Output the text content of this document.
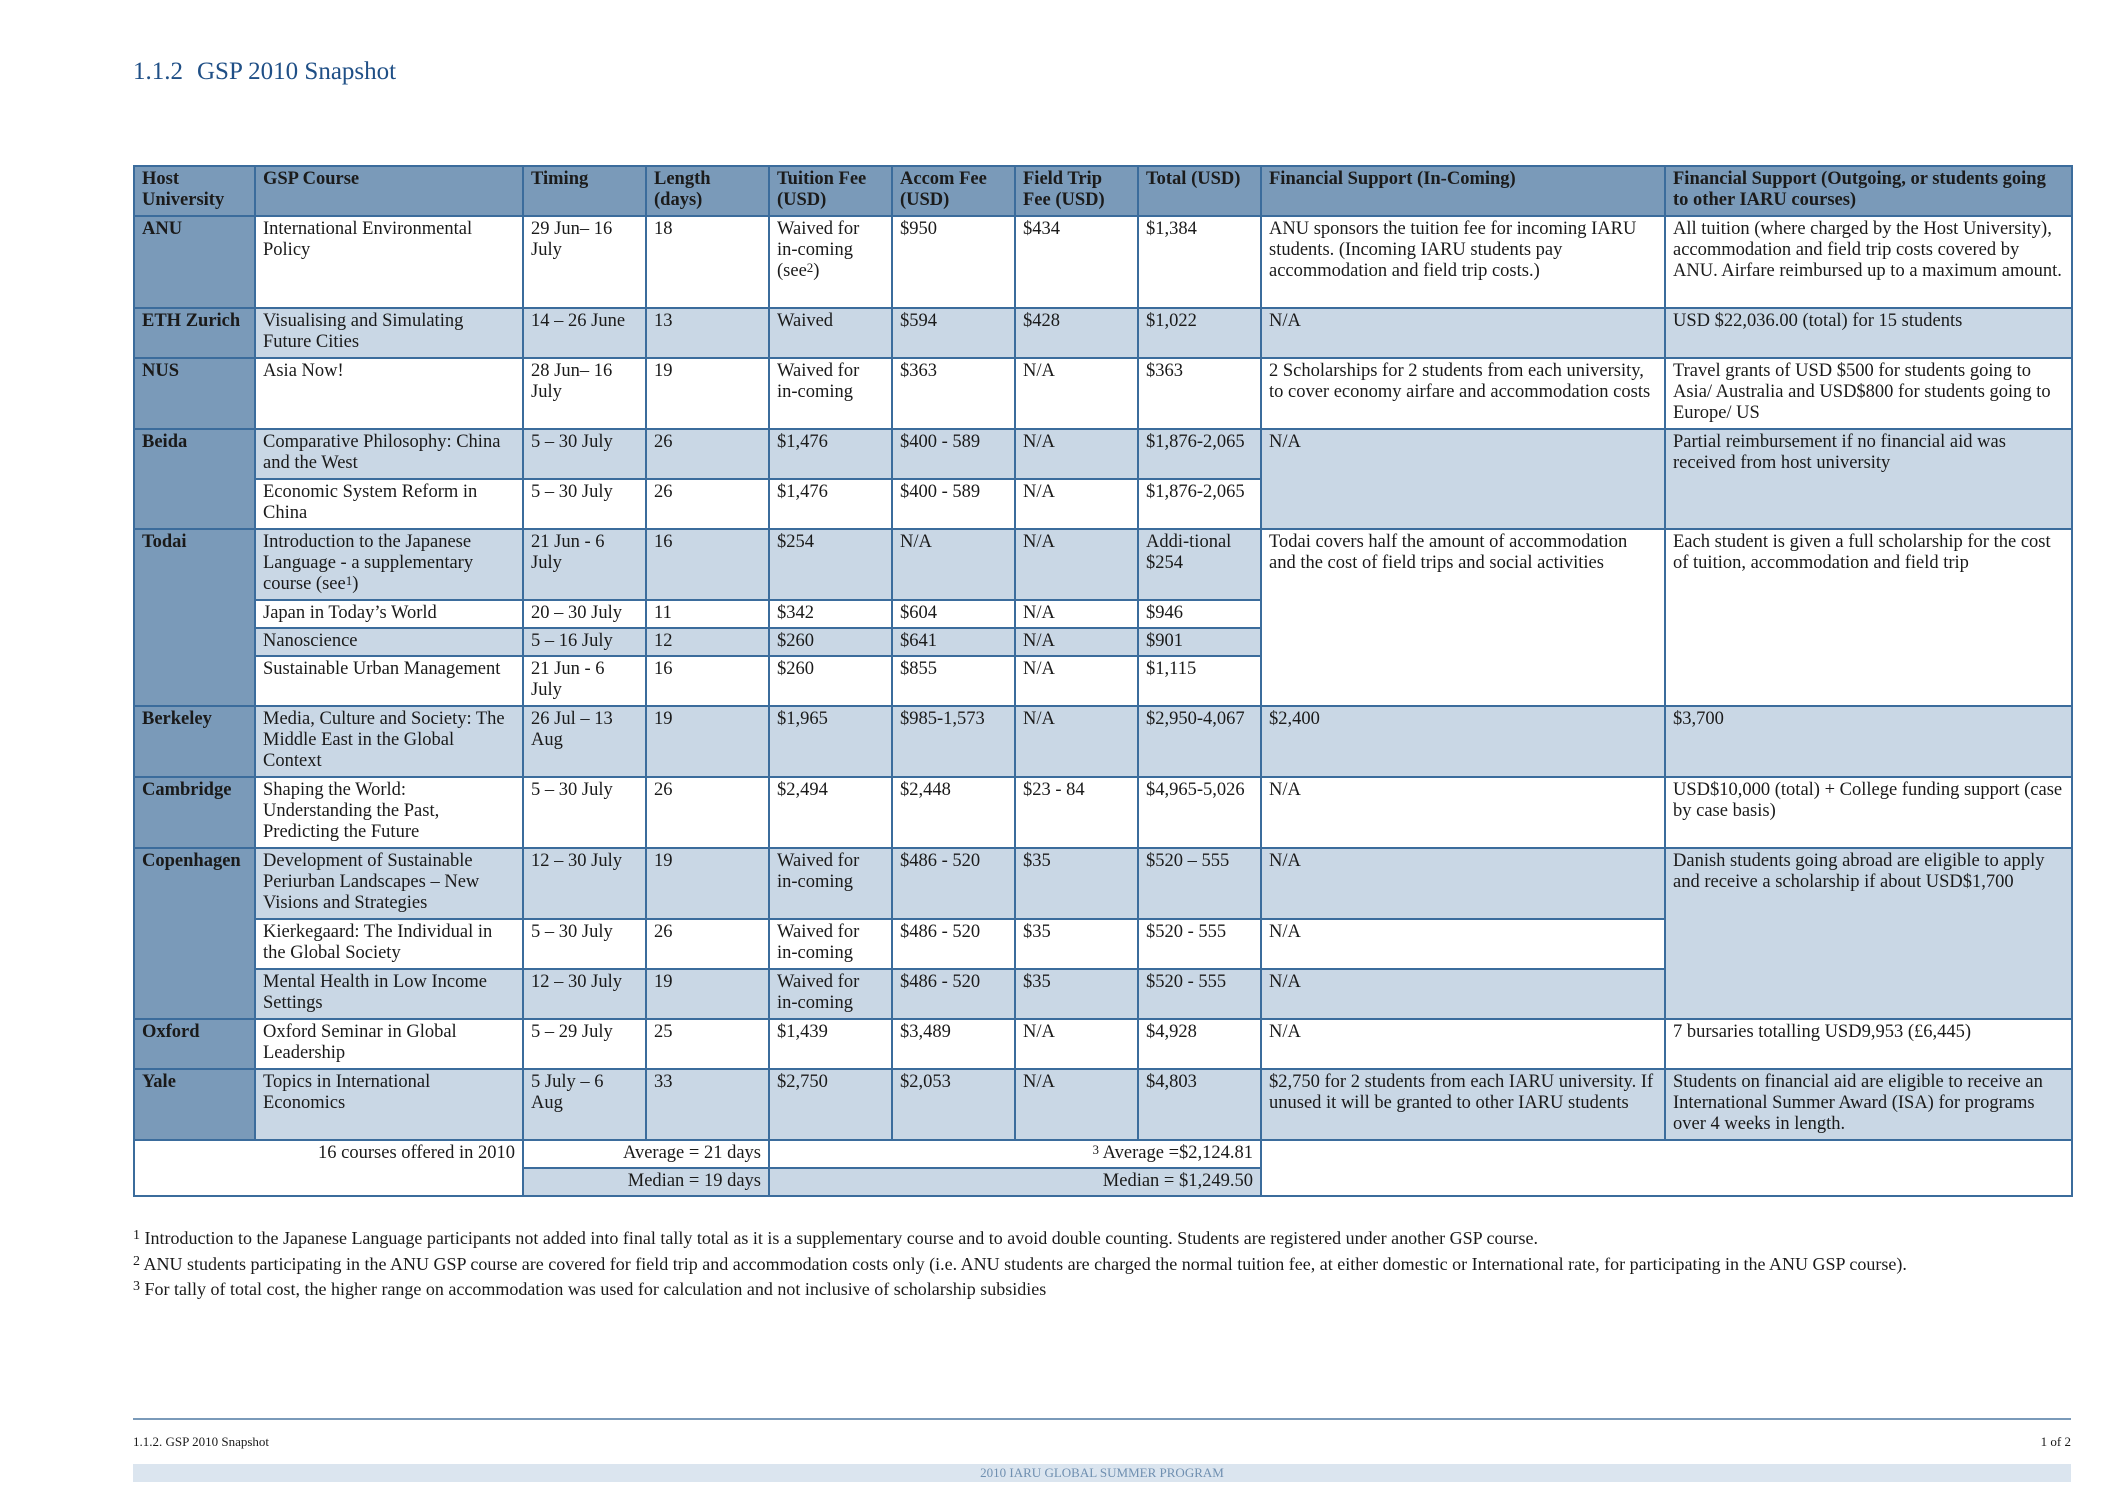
1.1.2 GSP 2010 Snapshot
Host University	GSP Course	Timing	Length (days)	Tuition Fee (USD)	Accom Fee (USD)	Field Trip Fee (USD)	Total (USD)	Financial Support (In-Coming)	Financial Support (Outgoing, or students going to other IARU courses)
ANU	International Environmental Policy	29 Jun– 16 July	18	Waived for in-coming (see$^2$)	$950	$434	$1,384	ANU sponsors the tuition fee for incoming IARU students. (Incoming IARU students pay accommodation and field trip costs.)	All tuition (where charged by the Host University), accommodation and field trip costs covered by ANU. Airfare reimbursed up to a maximum amount.
ETH Zurich	Visualising and Simulating Future Cities	14 – 26 June	13	Waived	$594	$428	$1,022	N/A	USD $22,036.00 (total) for 15 students
NUS	Asia Now!	28 Jun– 16 July	19	Waived for in-coming	$363	N/A	$363	2 Scholarships for 2 students from each university, to cover economy airfare and accommodation costs	Travel grants of USD $500 for students going to Asia/ Australia and USD$800 for students going to Europe/ US
Beida	Comparative Philosophy: China and the West	5 – 30 July	26	$1,476	$400 - 589	N/A	$1,876-2,065	N/A	Partial reimbursement if no financial aid was received from host university
	Economic System Reform in China	5 – 30 July	26	$1,476	$400 - 589	N/A	$1,876-2,065		
Todai	Introduction to the Japanese Language - a supplementary course (see$^1$)	21 Jun - 6 July	16	$254	N/A	N/A	Addi-tional $254	Todai covers half the amount of accommodation and the cost of field trips and social activities	Each student is given a full scholarship for the cost of tuition, accommodation and field trip
	Japan in Today’s World	20 – 30 July	11	$342	$604	N/A	$946		
	Nanoscience	5 – 16 July	12	$260	$641	N/A	$901		
	Sustainable Urban Management	21 Jun - 6 July	16	$260	$855	N/A	$1,115		
Berkeley	Media, Culture and Society: The Middle East in the Global Context	26 Jul – 13 Aug	19	$1,965	$985-1,573	N/A	$2,950-4,067	$2,400	$3,700
Cambridge	Shaping the World: Understanding the Past, Predicting the Future	5 – 30 July	26	$2,494	$2,448	$23 - 84	$4,965-5,026	N/A	USD$10,000 (total) + College funding support (case by case basis)
Copenhagen	Development of Sustainable Periurban Landscapes – New Visions and Strategies	12 – 30 July	19	Waived for in-coming	$486 - 520	$35	$520 – 555	N/A	Danish students going abroad are eligible to apply and receive a scholarship if about USD$1,700
	Kierkegaard: The Individual in the Global Society	5 – 30 July	26	Waived for in-coming	$486 - 520	$35	$520 - 555	N/A	
	Mental Health in Low Income Settings	12 – 30 July	19	Waived for in-coming	$486 - 520	$35	$520 - 555	N/A	
Oxford	Oxford Seminar in Global Leadership	5 – 29 July	25	$1,439	$3,489	N/A	$4,928	N/A	7 bursaries totalling USD9,953 (£6,445)
Yale	Topics in International Economics	5 July – 6 Aug	33	$2,750	$2,053	N/A	$4,803	$2,750 for 2 students from each IARU university. If unused it will be granted to other IARU students	Students on financial aid are eligible to receive an International Summer Award (ISA) for programs over 4 weeks in length.
16 courses offered in 2010		Average = 21 days		$^3$ Average =$2,124.81					
		Median = 19 days		Median = $1,249.50					
$^1$ Introduction to the Japanese Language participants not added into final tally total as it is a supplementary course and to avoid double counting. Students are registered under another GSP course.
$^2$ ANU students participating in the ANU GSP course are covered for field trip and accommodation costs only (i.e. ANU students are charged the normal tuition fee, at either domestic or International rate, for participating in the ANU GSP course).
$^3$ For tally of total cost, the higher range on accommodation was used for calculation and not inclusive of scholarship subsidies
1.1.2. GSP 2010 Snapshot	1 of 2
2010 IARU GLOBAL SUMMER PROGRAM
